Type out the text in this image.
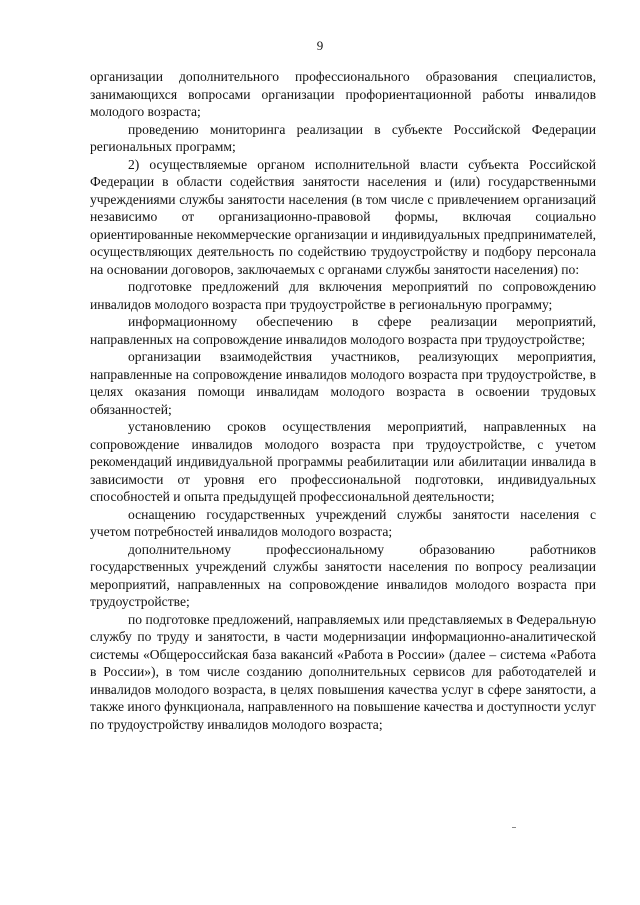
9

организации дополнительного профессионального образования специалистов, занимающихся вопросами организации профориентационной работы инвалидов молодого возраста;

проведению мониторинга реализации в субъекте Российской Федерации региональных программ;

2) осуществляемые органом исполнительной власти субъекта Российской Федерации в области содействия занятости населения и (или) государственными учреждениями службы занятости населения (в том числе с привлечением организаций независимо от организационно-правовой формы, включая социально ориентированные некоммерческие организации и индивидуальных предпринимателей, осуществляющих деятельность по содействию трудоустройству и подбору персонала на основании договоров, заключаемых с органами службы занятости населения) по:

подготовке предложений для включения мероприятий по сопровождению инвалидов молодого возраста при трудоустройстве в региональную программу;

информационному обеспечению в сфере реализации мероприятий, направленных на сопровождение инвалидов молодого возраста при трудоустройстве;

организации взаимодействия участников, реализующих мероприятия, направленные на сопровождение инвалидов молодого возраста при трудоустройстве, в целях оказания помощи инвалидам молодого возраста в освоении трудовых обязанностей;

установлению сроков осуществления мероприятий, направленных на сопровождение инвалидов молодого возраста при трудоустройстве, с учетом рекомендаций индивидуальной программы реабилитации или абилитации инвалида в зависимости от уровня его профессиональной подготовки, индивидуальных способностей и опыта предыдущей профессиональной деятельности;

оснащению государственных учреждений службы занятости населения с учетом потребностей инвалидов молодого возраста;

дополнительному профессиональному образованию работников государственных учреждений службы занятости населения по вопросу реализации мероприятий, направленных на сопровождение инвалидов молодого возраста при трудоустройстве;

по подготовке предложений, направляемых или представляемых в Федеральную службу по труду и занятости, в части модернизации информационно-аналитической системы «Общероссийская база вакансий «Работа в России» (далее – система «Работа в России»), в том числе созданию дополнительных сервисов для работодателей и инвалидов молодого возраста, в целях повышения качества услуг в сфере занятости, а также иного функционала, направленного на повышение качества и доступности услуг по трудоустройству инвалидов молодого возраста;
